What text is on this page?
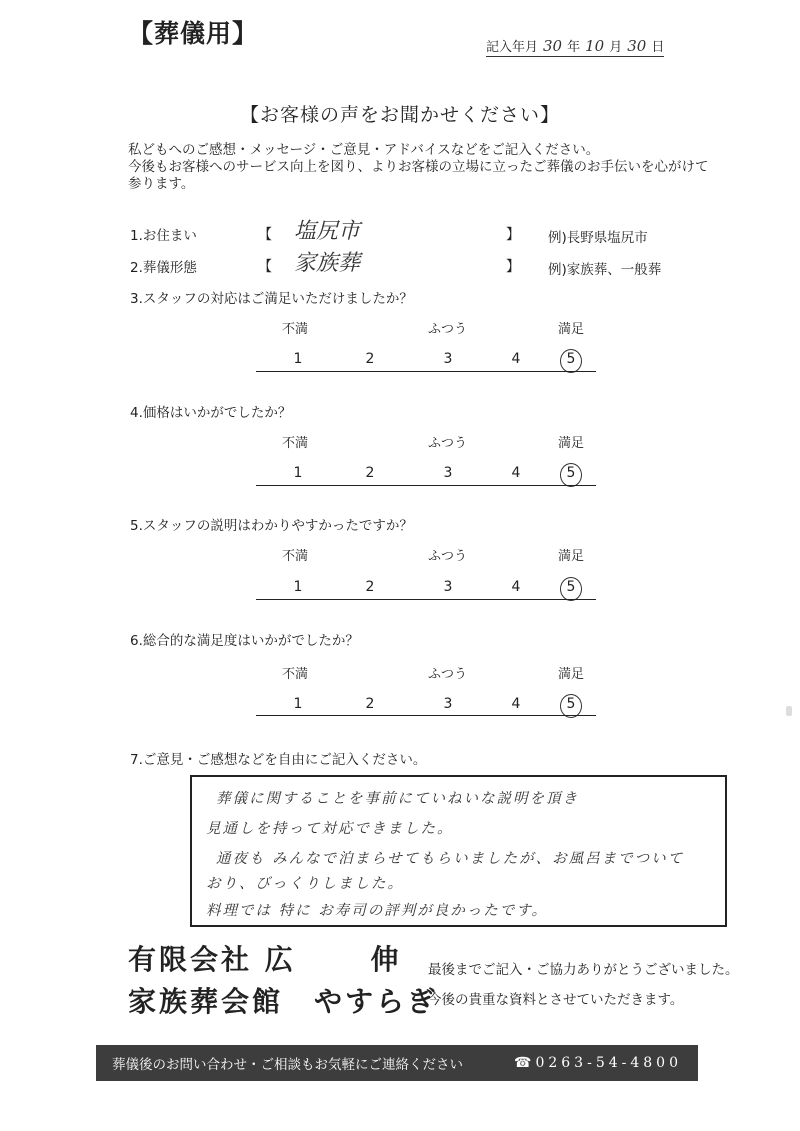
【葬儀用】	記入年月 30 年 10 月 30 日
【お客様の声をお聞かせください】
私どもへのご感想・メッセージ・ご意見・アドバイスなどをご記入ください。
今後もお客様へのサービス向上を図り、よりお客様の立場に立ったご葬儀のお手伝いを心がけて
参ります。
1.お住まい	【 塩尻市	】 例)長野県塩尻市
2.葬儀形態	【 家族葬	】 例)家族葬、一般葬
3.スタッフの対応はご満足いただけましたか？
不満	ふつう	満足
1	2	3	4	5
4.価格はいかがでしたか？
不満	ふつう	満足
1	2	3	4	5
5.スタッフの説明はわかりやすかったですか？
不満	ふつう	満足
1	2	3	4	5
6.総合的な満足度はいかがでしたか？
不満	ふつう	満足
1	2	3	4	5
7.ご意見・ご感想などを自由にご記入ください。
葬儀に関することを事前にていねいな説明を頂き
見通しを持って対応できました。
通夜も みんなで泊まらせてもらいましたが、お風呂までついて
おり、びっくりしました。
料理では 特に お寿司の評判が良かったです。
有限会社 広　　 伸
家族葬会館　やすらぎ
最後までご記入・ご協力ありがとうございました。
今後の貴重な資料とさせていただきます。
葬儀後のお問い合わせ・ご相談もお気軽にご連絡ください	☎0263-54-4800
